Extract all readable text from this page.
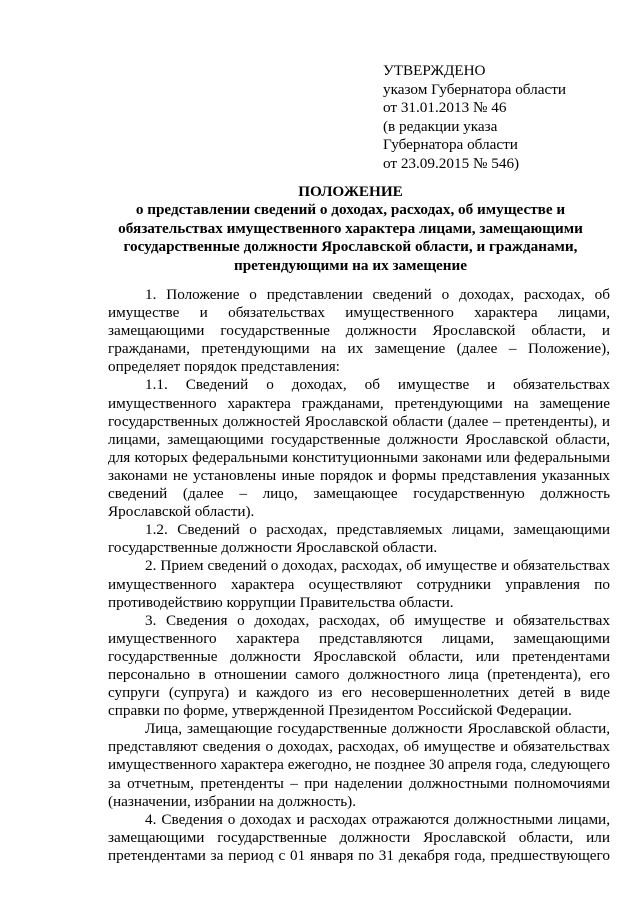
УТВЕРЖДЕНО
указом Губернатора области
от 31.01.2013 № 46
(в редакции указа
Губернатора области
от 23.09.2015 № 546)
ПОЛОЖЕНИЕ
о представлении сведений о доходах, расходах, об имуществе и
обязательствах имущественного характера лицами, замещающими
государственные должности Ярославской области, и гражданами,
претендующими на их замещение
1. Положение о представлении сведений о доходах, расходах, об
имуществе и обязательствах имущественного характера лицами,
замещающими государственные должности Ярославской области, и
гражданами, претендующими на их замещение (далее – Положение),
определяет порядок представления:
1.1. Сведений о доходах, об имуществе и обязательствах
имущественного характера гражданами, претендующими на замещение
государственных должностей Ярославской области (далее – претенденты), и
лицами, замещающими государственные должности Ярославской области,
для которых федеральными конституционными законами или федеральными
законами не установлены иные порядок и формы представления указанных
сведений (далее – лицо, замещающее государственную должность
Ярославской области).
1.2. Сведений о расходах, представляемых лицами, замещающими
государственные должности Ярославской области.
2. Прием сведений о доходах, расходах, об имуществе и обязательствах
имущественного характера осуществляют сотрудники управления по
противодействию коррупции Правительства области.
3. Сведения о доходах, расходах, об имуществе и обязательствах
имущественного характера представляются лицами, замещающими
государственные должности Ярославской области, или претендентами
персонально в отношении самого должностного лица (претендента), его
супруги (супруга) и каждого из его несовершеннолетних детей в виде
справки по форме, утвержденной Президентом Российской Федерации.
Лица, замещающие государственные должности Ярославской области,
представляют сведения о доходах, расходах, об имуществе и обязательствах
имущественного характера ежегодно, не позднее 30 апреля года, следующего
за отчетным, претенденты – при наделении должностными полномочиями
(назначении, избрании на должность).
4. Сведения о доходах и расходах отражаются должностными лицами,
замещающими государственные должности Ярославской области, или
претендентами за период с 01 января по 31 декабря года, предшествующего
